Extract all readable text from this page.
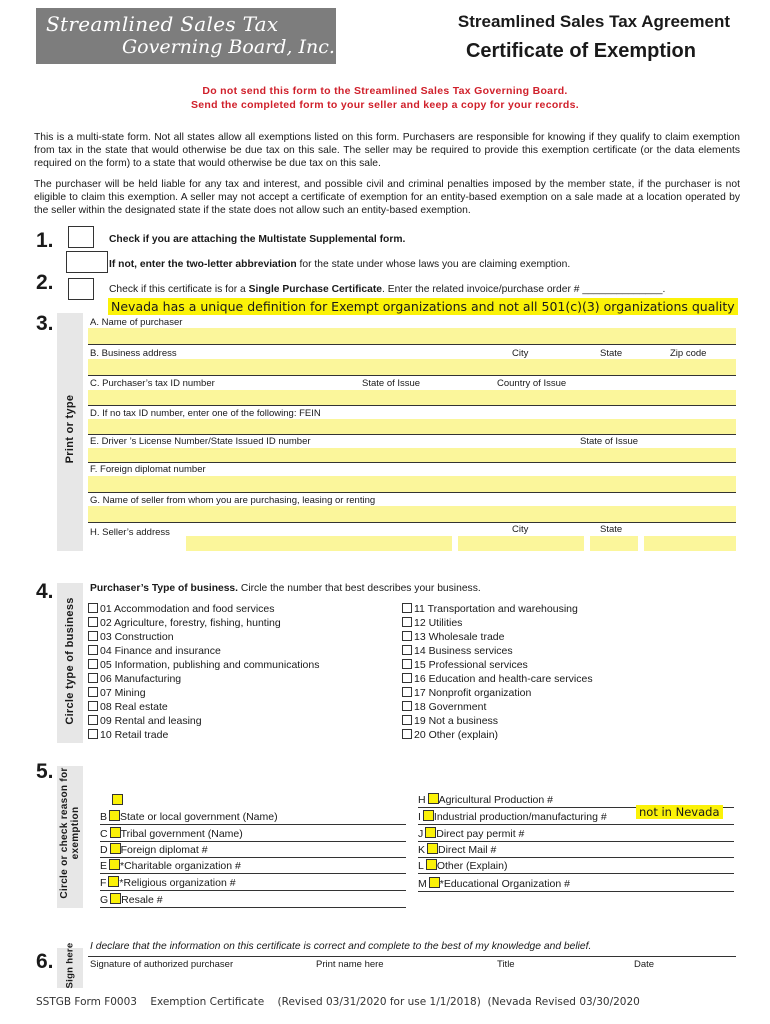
Streamlined Sales Tax
Governing Board, Inc.
Streamlined Sales Tax Agreement
Certificate of Exemption
Do not send this form to the Streamlined Sales Tax Governing Board.
Send the completed form to your seller and keep a copy for your records.
This is a multi-state form. Not all states allow all exemptions listed on this form. Purchasers are responsible for knowing if they qualify to claim exemption from tax in the state that would otherwise be due tax on this sale. The seller may be required to provide this exemption certificate (or the data elements required on the form) to a state that would otherwise be due tax on this sale.
The purchaser will be held liable for any tax and interest, and possible civil and criminal penalties imposed by the member state, if the purchaser is not eligible to claim this exemption. A seller may not accept a certificate of exemption for an entity-based exemption on a sale made at a location operated by the seller within the designated state if the state does not allow such an entity-based exemption.
1.	Check if you are attaching the Multistate Supplemental form.
If not, enter the two-letter abbreviation for the state under whose laws you are claiming exemption.
2.	Check if this certificate is for a Single Purchase Certificate. Enter the related invoice/purchase order # ______________.
Nevada has a unique definition for Exempt organizations and not all 501(c)(3) organizations quality
3.
Print or type
A. Name of purchaser
B. Business address	City	State	Zip code
C. Purchaser’s tax ID number	State of Issue	Country of Issue
D. If no tax ID number, enter one of the following: FEIN
E. Driver ’s License Number/State Issued ID number	State of Issue
F. Foreign diplomat number
G. Name of seller from whom you are purchasing, leasing or renting
City	State
H. Seller’s address
4.
Circle type of business
Purchaser’s Type of business. Circle the number that best describes your business.
01 Accommodation and food services
02 Agriculture, forestry, fishing, hunting
03 Construction
04 Finance and insurance
05 Information, publishing and communications
06 Manufacturing
07 Mining
08 Real estate
09 Rental and leasing
10 Retail trade
11 Transportation and warehousing
12 Utilities
13 Wholesale trade
14 Business services
15 Professional services
16 Education and health-care services
17 Nonprofit organization
18 Government
19 Not a business
20 Other (explain)
5. Circle or check reason for exemption B State or local government (Name)
C Tribal government (Name)
D Foreign diplomat #
E *Charitable organization #
F *Religious organization #
G Resale #
H Agricultural Production #
I Industrial production/manufacturing #
J Direct pay permit #
K Direct Mail #
L Other (Explain)
M *Educational Organization #
not in Nevada
6. Sign here I declare that the information on this certificate is correct and complete to the best of my knowledge and belief.
Signature of authorized purchaser	Print name here	Title	Date
SSTGB Form F0003    Exemption Certificate    (Revised 03/31/2020 for use 1/1/2018)  (Nevada Revised 03/30/2020
